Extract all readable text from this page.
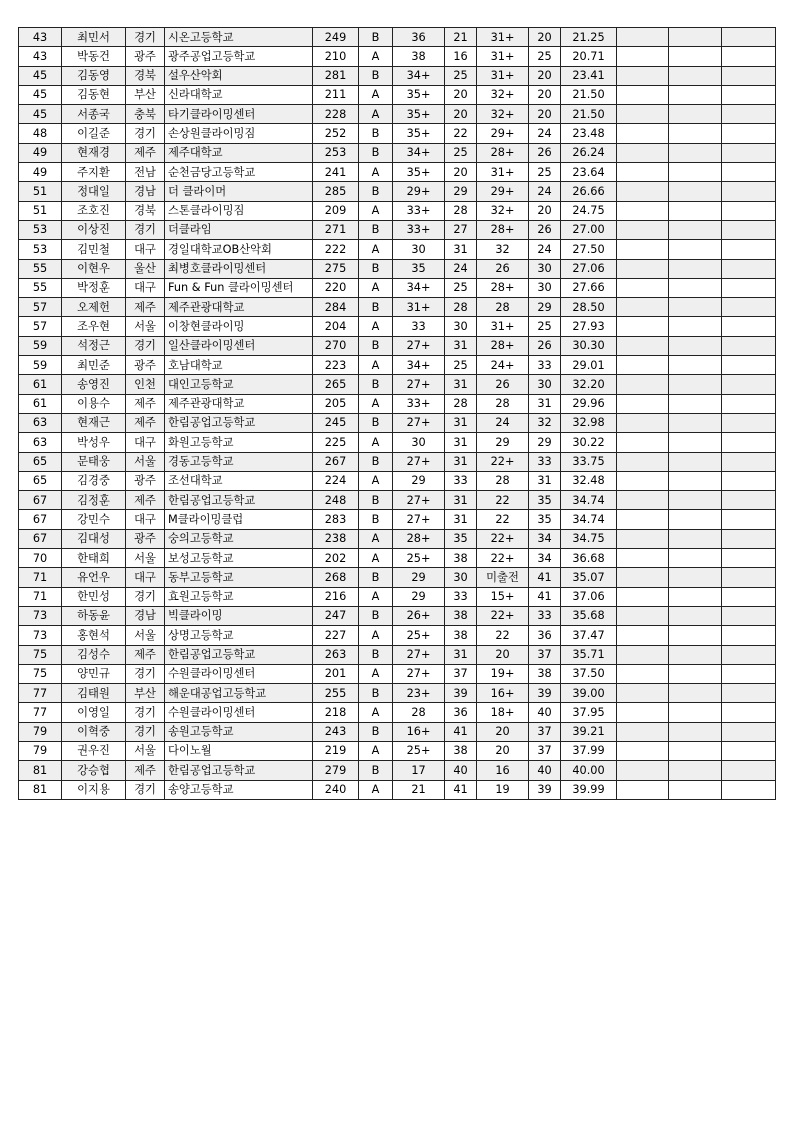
43	최민서	경기	시온고등학교	249	B	36	21	31+	20	21.25			
43	박동건	광주	광주공업고등학교	210	A	38	16	31+	25	20.71			
45	김동영	경북	설우산악회	281	B	34+	25	31+	20	23.41			
45	김동현	부산	신라대학교	211	A	35+	20	32+	20	21.50			
45	서종국	충북	타기클라이밍센터	228	A	35+	20	32+	20	21.50			
48	이길준	경기	손상원클라이밍짐	252	B	35+	22	29+	24	23.48			
49	현재경	제주	제주대학교	253	B	34+	25	28+	26	26.24			
49	주지환	전남	순천금당고등학교	241	A	35+	20	31+	25	23.64			
51	정대일	경남	더 클라이머	285	B	29+	29	29+	24	26.66			
51	조호진	경북	스톤클라이밍짐	209	A	33+	28	32+	20	24.75			
53	이상진	경기	더클라임	271	B	33+	27	28+	26	27.00			
53	김민철	대구	경일대학교OB산악회	222	A	30	31	32	24	27.50			
55	이현우	울산	최병호클라이밍센터	275	B	35	24	26	30	27.06			
55	박정훈	대구	Fun & Fun 클라이밍센터	220	A	34+	25	28+	30	27.66			
57	오제헌	제주	제주관광대학교	284	B	31+	28	28	29	28.50			
57	조우현	서울	이창현클라이밍	204	A	33	30	31+	25	27.93			
59	석정근	경기	일산클라이밍센터	270	B	27+	31	28+	26	30.30			
59	최민준	광주	호남대학교	223	A	34+	25	24+	33	29.01			
61	송영진	인천	대인고등학교	265	B	27+	31	26	30	32.20			
61	이용수	제주	제주관광대학교	205	A	33+	28	28	31	29.96			
63	현재근	제주	한림공업고등학교	245	B	27+	31	24	32	32.98			
63	박성우	대구	화원고등학교	225	A	30	31	29	29	30.22			
65	문태웅	서울	경동고등학교	267	B	27+	31	22+	33	33.75			
65	김경중	광주	조선대학교	224	A	29	33	28	31	32.48			
67	김정훈	제주	한림공업고등학교	248	B	27+	31	22	35	34.74			
67	강민수	대구	M클라이밍클럽	283	B	27+	31	22	35	34.74			
67	김대성	광주	숭의고등학교	238	A	28+	35	22+	34	34.75			
70	한태희	서울	보성고등학교	202	A	25+	38	22+	34	36.68			
71	유언우	대구	동부고등학교	268	B	29	30	미출전	41	35.07			
71	한민성	경기	효원고등학교	216	A	29	33	15+	41	37.06			
73	하동윤	경남	빅클라이밍	247	B	26+	38	22+	33	35.68			
73	홍현석	서울	상명고등학교	227	A	25+	38	22	36	37.47			
75	김성수	제주	한림공업고등학교	263	B	27+	31	20	37	35.71			
75	양민규	경기	수원클라이밍센터	201	A	27+	37	19+	38	37.50			
77	김태원	부산	해운대공업고등학교	255	B	23+	39	16+	39	39.00			
77	이영일	경기	수원클라이밍센터	218	A	28	36	18+	40	37.95			
79	이혁중	경기	송원고등학교	243	B	16+	41	20	37	39.21			
79	권우진	서울	다이노월	219	A	25+	38	20	37	37.99			
81	강승협	제주	한림공업고등학교	279	B	17	40	16	40	40.00			
81	이지용	경기	송양고등학교	240	A	21	41	19	39	39.99			
